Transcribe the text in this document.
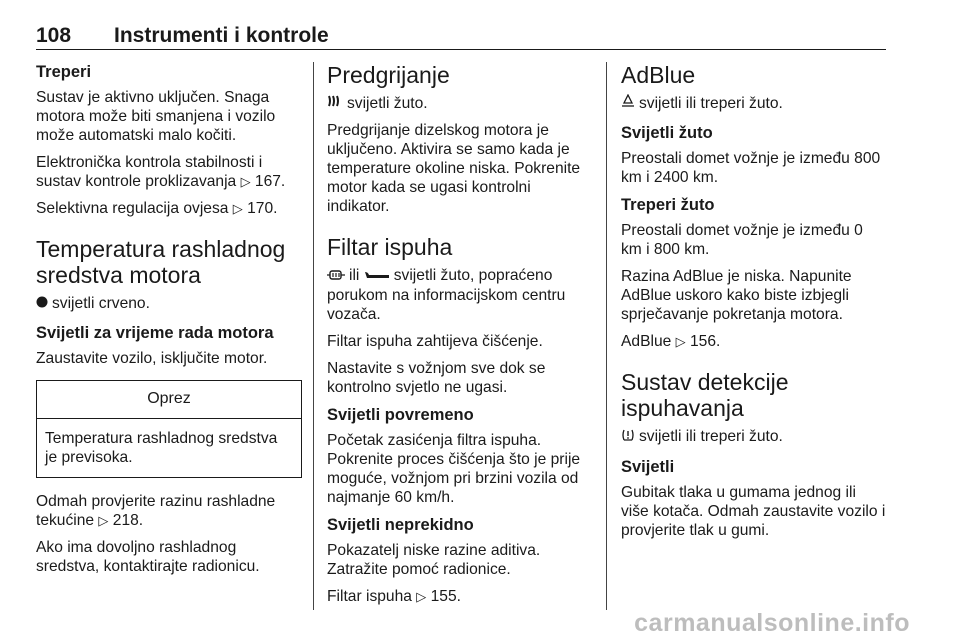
108 Instrumenti i kontrole
Treperi

Sustav je aktivno uključen. Snaga motora može biti smanjena i vozilo može automatski malo kočiti.

Elektronička kontrola stabilnosti i sustav kontrole proklizavanja ▷ 167.

Selektivna regulacija ovjesa ▷ 170.

Temperatura rashladnog sredstva motora

svijetli crveno.

Svijetli za vrijeme rada motora

Zaustavite vozilo, isključite motor.

Oprez
Temperatura rashladnog sredstva je previsoka.

Odmah provjerite razinu rashladne tekućine ▷ 218.

Ako ima dovoljno rashladnog sredstva, kontaktirajte radionicu.

Predgrijanje

svijetli žuto.

Predgrijanje dizelskog motora je uključeno. Aktivira se samo kada je temperature okoline niska. Pokrenite motor kada se ugasi kontrolni indikator.

Filtar ispuha

ili svijetli žuto, popraćeno porukom na informacijskom centru vozača.

Filtar ispuha zahtijeva čišćenje.

Nastavite s vožnjom sve dok se kontrolno svjetlo ne ugasi.

Svijetli povremeno

Početak zasićenja filtra ispuha. Pokrenite proces čišćenja što je prije moguće, vožnjom pri brzini vozila od najmanje 60 km/h.

Svijetli neprekidno

Pokazatelj niske razine aditiva. Zatražite pomoć radionice.

Filtar ispuha ▷ 155.

AdBlue

svijetli ili treperi žuto.

Svijetli žuto

Preostali domet vožnje je između 800 km i 2400 km.

Treperi žuto

Preostali domet vožnje je između 0 km i 800 km.

Razina AdBlue je niska. Napunite AdBlue uskoro kako biste izbjegli sprječavanje pokretanja motora.

AdBlue ▷ 156.

Sustav detekcije ispuhavanja

svijetli ili treperi žuto.

Svijetli

Gubitak tlaka u gumama jednog ili više kotača. Odmah zaustavite vozilo i provjerite tlak u gumi.

carmanualsonline.info
